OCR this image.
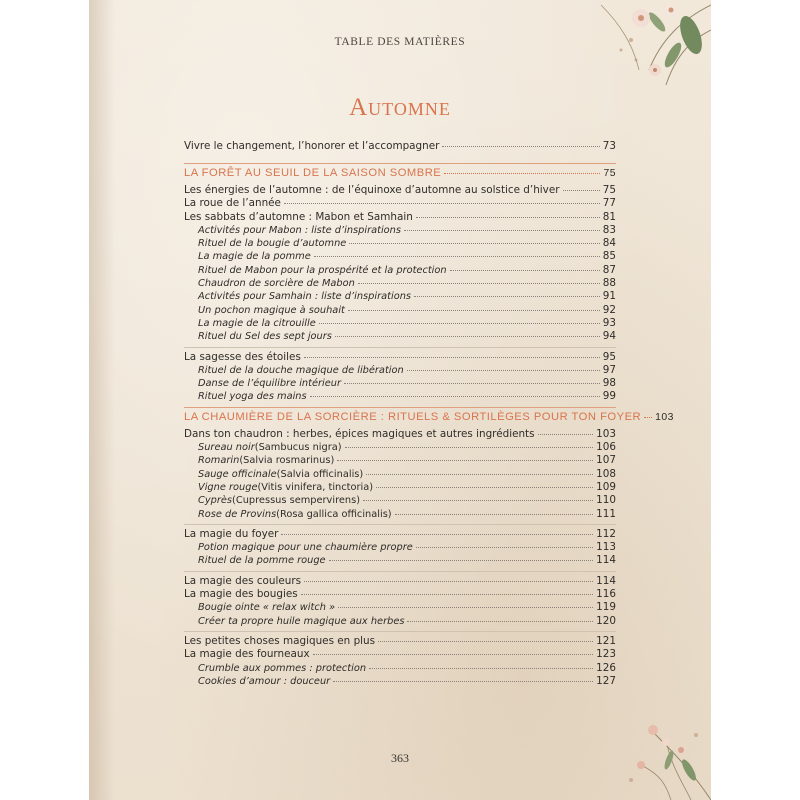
TABLE DES MATIÈRES
Automne
Vivre le changement, l’honorer et l’accompagner	73
LA FORÊT AU SEUIL DE LA SAISON SOMBRE	75
Les énergies de l’automne : de l’équinoxe d’automne au solstice d’hiver	75
La roue de l’année	77
Les sabbats d’automne : Mabon et Samhain	81
Activités pour Mabon : liste d’inspirations	83
Rituel de la bougie d’automne	84
La magie de la pomme	85
Rituel de Mabon pour la prospérité et la protection	87
Chaudron de sorcière de Mabon	88
Activités pour Samhain : liste d’inspirations	91
Un pochon magique à souhait	92
La magie de la citrouille	93
Rituel du Sel des sept jours	94
La sagesse des étoiles	95
Rituel de la douche magique de libération	97
Danse de l’équilibre intérieur	98
Rituel yoga des mains	99
LA CHAUMIÈRE DE LA SORCIÈRE : RITUELS & SORTILÈGES POUR TON FOYER 103
Dans ton chaudron : herbes, épices magiques et autres ingrédients	103
Sureau noir (Sambucus nigra)	106
Romarin (Salvia rosmarinus)	107
Sauge officinale (Salvia officinalis)	108
Vigne rouge (Vitis vinifera, tinctoria)	109
Cyprès (Cupressus sempervirens)	110
Rose de Provins (Rosa gallica officinalis)	111
La magie du foyer	112
Potion magique pour une chaumière propre	113
Rituel de la pomme rouge	114
La magie des couleurs	114
La magie des bougies	116
Bougie ointe « relax witch »	119
Créer ta propre huile magique aux herbes	120
Les petites choses magiques en plus	121
La magie des fourneaux	123
Crumble aux pommes : protection	126
Cookies d’amour : douceur	127
363
